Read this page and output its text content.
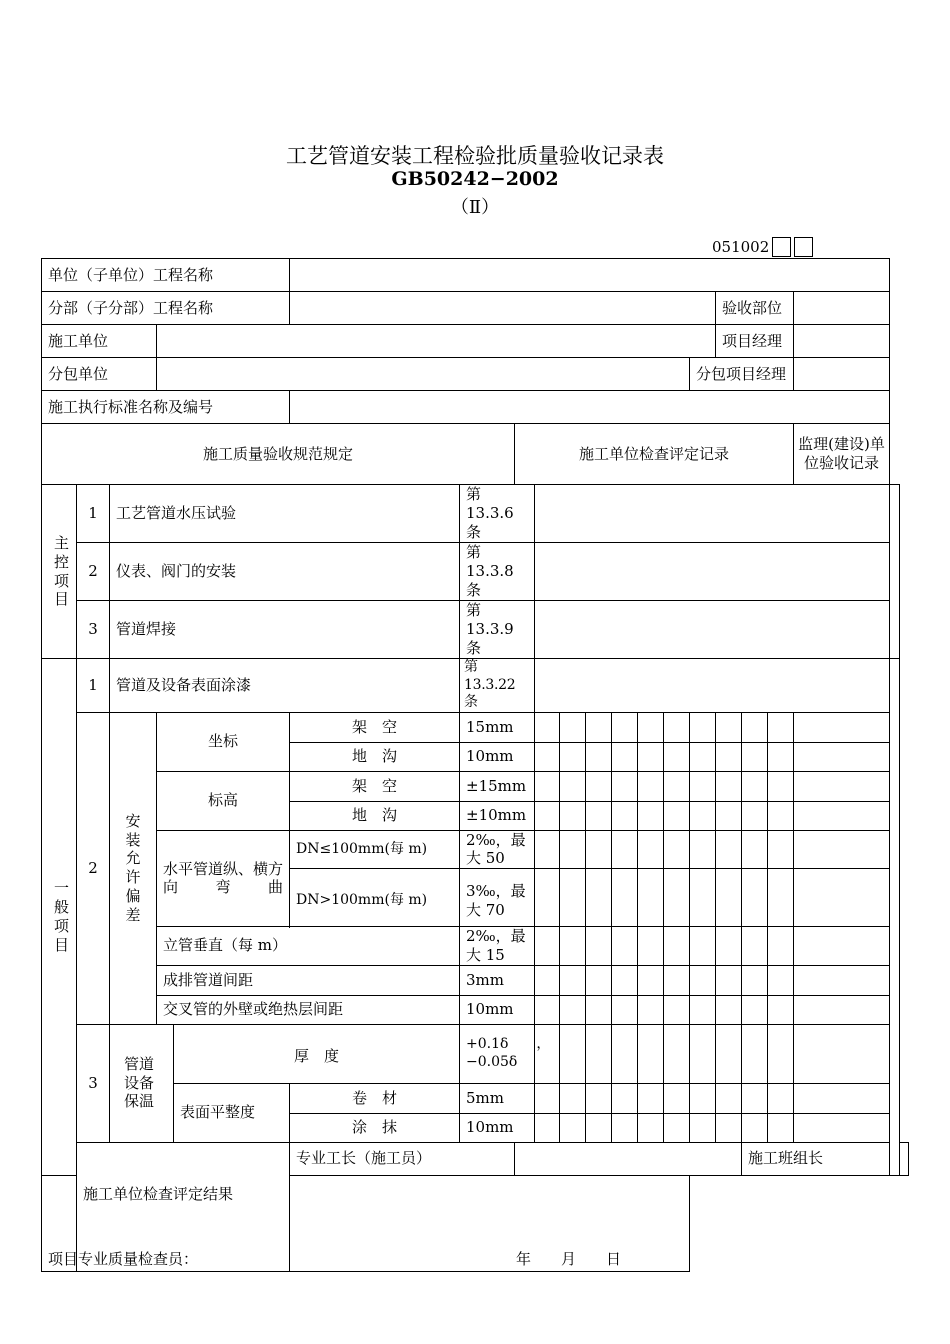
工艺管道安装工程检验批质量验收记录表
GB50242−2002
（Ⅱ）
051002

单位（子单位）工程名称																						
分部（子分部）工程名称																	验收部位					
施工单位																	项目经理					
分包单位																分包项目经理						
施工执行标准名称及编号																						
施工质量验收规范规定									施工单位检查评定记录											监理(建设)单位验收记录		
主控项目	1	工艺管道水压试验						第　　13.3.6条														
	2	仪表、阀门的安装						第　　13.3.8条														
	3	管道焊接						第　　13.3.9条														
一般项目	1	管道及设备表面涂漆						第 13.3.22 条														
	2	安装允许偏差	坐标			架　空		15mm														
						地　沟		10mm														
			标高			架　空		±15mm														
						地　沟		±10mm														
			水平管道纵、横方向弯曲			DN≤100mm(每 m)		2‰，最大 50														
						DN>100mm(每 m)		3‰，最大 70														

			立管垂直（每 m）					2‰，最大 15														
			成排管道间距					3mm														
			交叉管的外壁或绝热层间距					10mm														
	3	管道设备保温		厚　度				+0.1δ　　，　−0.05δ														
				表面平整度		卷　材		5mm														
						涂　抹		10mm														
	施工单位检查评定结果					专业工长（施工员）												施工班组长				

项目专业质量检查员： 年　　月　　日																						
